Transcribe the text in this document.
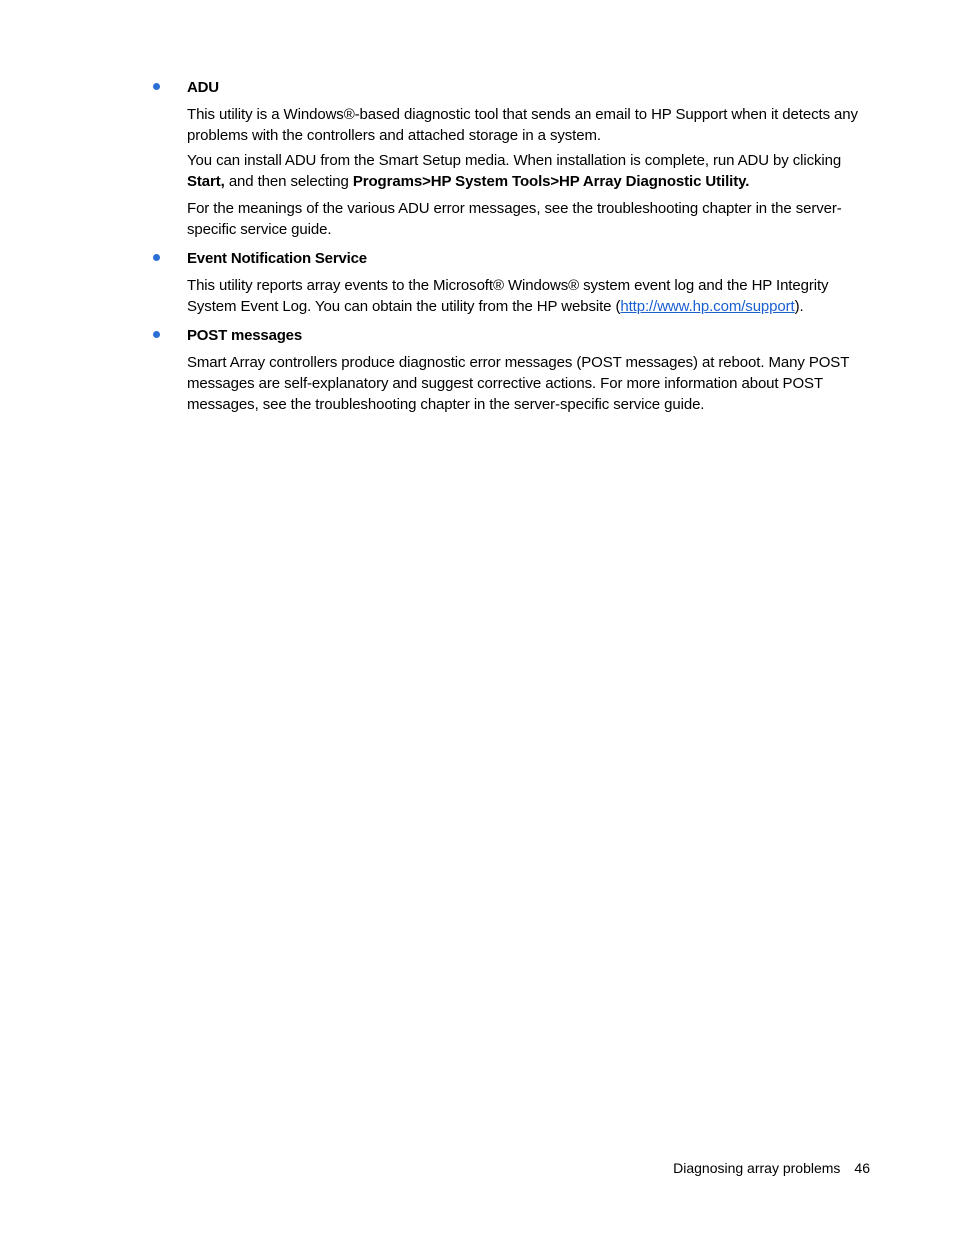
ADU

This utility is a Windows®-based diagnostic tool that sends an email to HP Support when it detects any problems with the controllers and attached storage in a system.

You can install ADU from the Smart Setup media. When installation is complete, run ADU by clicking Start, and then selecting Programs>HP System Tools>HP Array Diagnostic Utility.

For the meanings of the various ADU error messages, see the troubleshooting chapter in the server-specific service guide.

Event Notification Service

This utility reports array events to the Microsoft® Windows® system event log and the HP Integrity System Event Log. You can obtain the utility from the HP website (http://www.hp.com/support).

POST messages

Smart Array controllers produce diagnostic error messages (POST messages) at reboot. Many POST messages are self-explanatory and suggest corrective actions. For more information about POST messages, see the troubleshooting chapter in the server-specific service guide.

Diagnosing array problems 46
